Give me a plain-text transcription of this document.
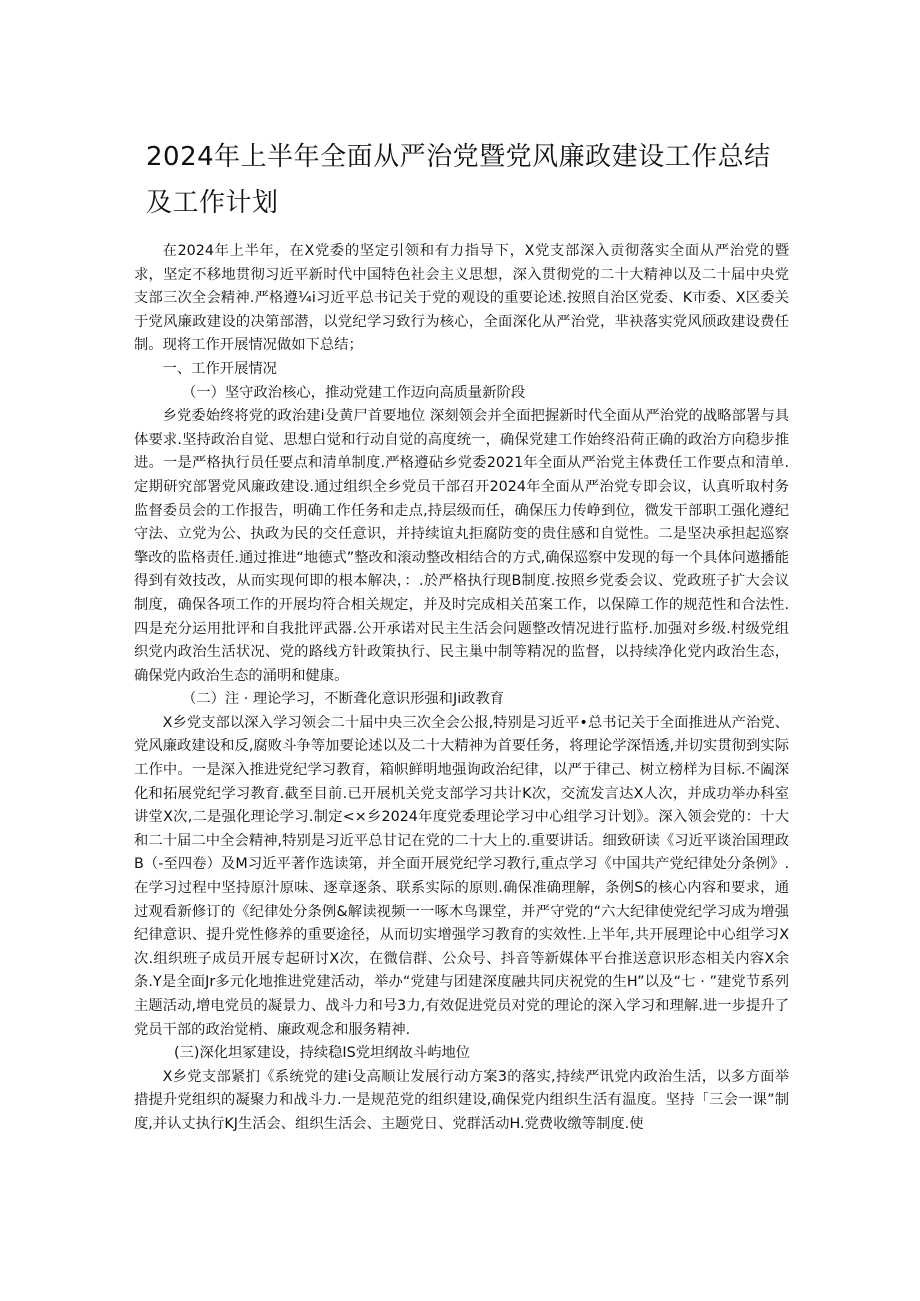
2024年上半年全面从严治党暨党风廉政建设工作总结及工作计划

在2024年上半年，在X党委的坚定引领和有力指导下，X党支部深入贡彻落实全面从严治党的暨求，坚定不移地贯彻习近平新时代中国特色社会主义思想，深入贯彻党的二十大精神以及二十届中央党支部三次全会精神.严格遵¼i习近平总书记关于党的观设的重要论述.按照自治区党委、K市委、X区委关于党风廉政建设的决第部潜，以党纪学习致行为核心，全面深化从严治党，芈袂落实党风颀政建设费任制。现将工作开展情况做如下总结；

一、工作开展情况

（一）坚守政治核心，推动党建工作迈向高质量新阶段

乡党委始终将党的政治建i殳黄尸首要地位 深刻领会并全面把握新时代全面从严治党的战略部署与具体要求.坚持政治自觉、思想白觉和行动自觉的高度统一，确保党建工作始终沿荷正确的政治方向稳步推进。一是严格执行员任要点和清单制度.严格遵砧乡党委2021年全面从严治党主体费任工作要点和清单.定期研究部署党风廉政建设.通过组织全乡党员干部召开2024年全面从严治党专即会议，认真听取村务监督委员会的工作报告，明确工作任务和走点,持层级而任，确保压力传峥到位，微发干部职工强化遵纪守法、立党为公、执政为民的交任意识，并持续谊丸拒腐防变的贵住感和自觉性。二是坚决承担起巡察擎改的监格责任.通过推进“地德式”整改和滚动整改相结合的方式,确保巡察中发现的每一个具体问遨播能得到有效技改，从而实现何即的根本解决，：.於严格执行现B制度.按照乡党委会议、党政班子扩大会议制度，确保各项工作的开展均符合相关规定，并及时完成相关茁案工作，以保障工作的规范性和合法性.四是充分运用批评和自我批评武器.公开承诺对民主生活会问题整改情况进行监杼.加强对乡级.村级党组织党内政治生活状况、党的路线方针政策执行、民主巢中制等精况的监督，以持续净化党内政治生态，确保党内政治生态的涌明和健康。

（二）注 · 理论学习，不断聋化意识形强和Ji政教育

X乡党支部以深入学习领会二十届中央三次全会公报,特别是习近平•总书记关于全面推进从产治党、党风廉政建设和反,腐败斗争等加要论述以及二十大精神为首要任务，将理论学深悟透,并切实贯彻到实际工作中。一是深入推进党纪学习教育，箱帜鲜明地强询政治纪律，以严于律己、树立榜样为目标.不阖深化和拓展党纪学习教育.截至目前.已开展机关党支部学习共计K次，交流发言达X人次，并成功举办科室讲堂X次,二是强化理论学习.制定<×乡2024年度党委理论学习中心组学习计划》。深入领会党的：十大和二十届二中全会精神,特别是习近平总甘记在党的二十大上的.重要讲话。细致研读《习近平谈治国理政B（-至四卷）及M习近平著作选读第，并全面开展党纪学习教行,重点学习《中国共产党纪律处分条例》.在学习过程中坚持原汁原味、逐章逐条、联系实际的原则.确保准确理解，条例S的核心内容和要求，通过观看新修订的《纪律处分条例&解读视频一一啄木鸟课堂，并严守党的“六大纪律使党纪学习成为增强纪律意识、提升党性修养的重要途径，从而切实增强学习教育的实效性.上半年,共开展理论中心组学习X次.组织班子成员开展专起研讨X次，在微信群、公众号、抖音等新媒体平台推送意识形态相关内容X余条.Y是全面Jr多元化地推进党建活动，举办“党建与团建深度融共同庆祝党的生H”以及“七 · ”建党节系列主题活动,增电党员的凝景力、战斗力和号3力,有效促进党员对党的理论的深入学习和理解.进一步提升了党员干部的政治觉梢、廉政观念和服务精神.

(三)深化坦冢建设，持续稳IS党坦纲故斗屿地位

X乡党支部紧扪《系统党的建i殳高顺让发展行动方案3的落实,持续严讯党内政治生活，以多方面举措提升党组织的凝聚力和战斗力.一是规范党的组织建设,确保党内组织生活有温度。坚持「三会一课”制度,并认丈执行KJ生活会、组织生活会、主题党日、党群活动H.党费收缴等制度.使
